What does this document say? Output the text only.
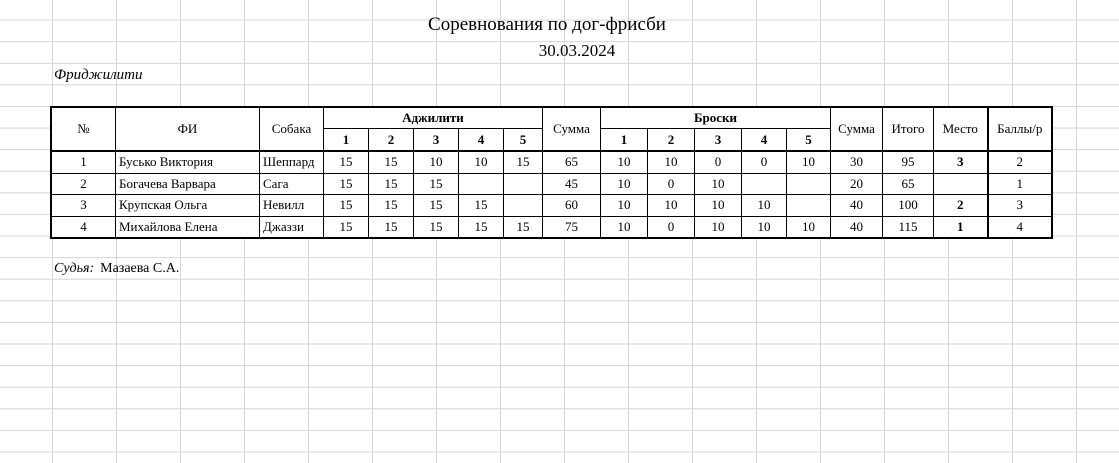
Соревнования по дог-фрисби
30.03.2024
Фриджилити
№	ФИ	Собака	Аджилити					Сумма	Броски					Сумма	Итого	Место	Баллы/р
			1	2	3	4	5		1	2	3	4	5				
1	Бусько Виктория	Шеппард	15	15	10	10	15	65	10	10	0	0	10	30	95	3	2
2	Богачева Варвара	Сага	15	15	15			45	10	0	10			20	65		1
3	Крупская Ольга	Невилл	15	15	15	15		60	10	10	10	10		40	100	2	3
4	Михайлова Елена	Джаззи	15	15	15	15	15	75	10	0	10	10	10	40	115	1	4
Судья: Мазаева С.А.
